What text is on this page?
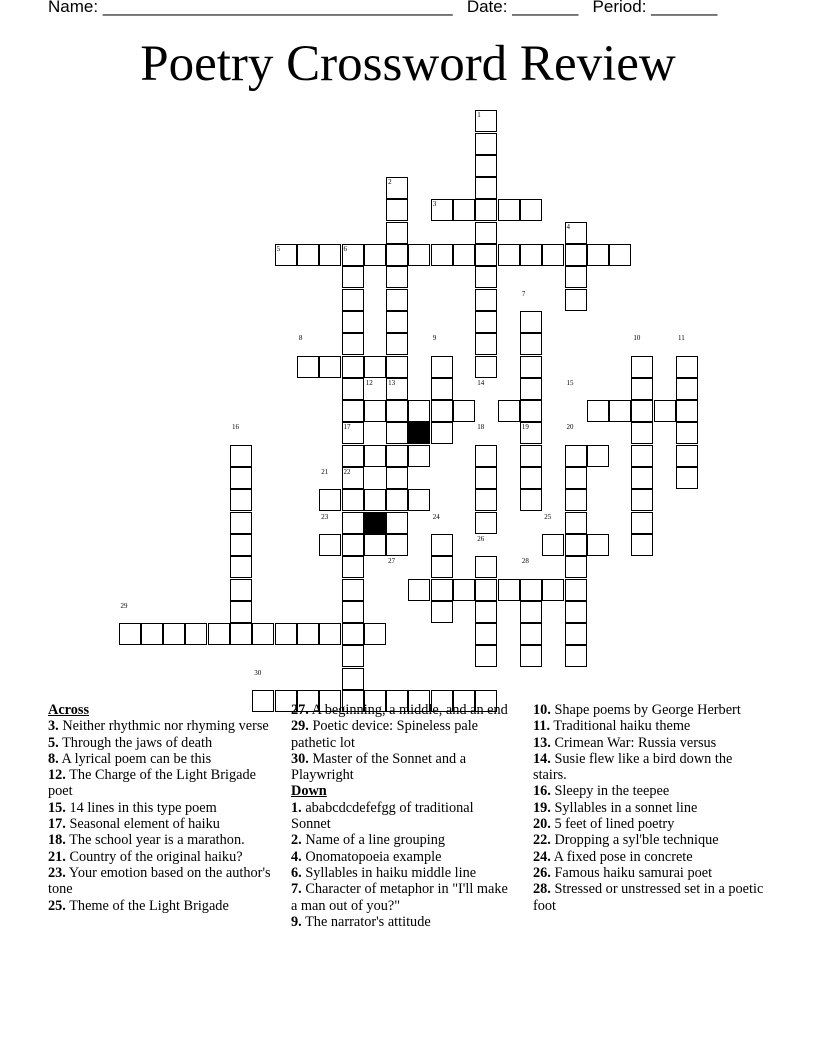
Name: _____________________________________ Date: _______ Period: _______
Poetry Crossword Review
1
2
3
4
5	6
7
8	9	10	11
12 13	14	15
16	17	18	19	20
21 22
23	24	25
26
27	28
29
30
Across
3. Neither rhythmic nor rhyming verse
5. Through the jaws of death
8. A lyrical poem can be this
12. The Charge of the Light Brigade poet
15. 14 lines in this type poem
17. Seasonal element of haiku
18. The school year is a marathon.
21. Country of the original haiku?
23. Your emotion based on the author's tone
25. Theme of the Light Brigade
27. A beginning, a middle, and an end
29. Poetic device: Spineless pale pathetic lot
30. Master of the Sonnet and a Playwright
Down
1. ababcdcdefefgg of traditional Sonnet
2. Name of a line grouping
4. Onomatopoeia example
6. Syllables in haiku middle line
7. Character of metaphor in "I'll make a man out of you?"
9. The narrator's attitude
10. Shape poems by George Herbert
11. Traditional haiku theme
13. Crimean War: Russia versus
14. Susie flew like a bird down the stairs.
16. Sleepy in the teepee
19. Syllables in a sonnet line
20. 5 feet of lined poetry
22. Dropping a syl'ble technique
24. A fixed pose in concrete
26. Famous haiku samurai poet
28. Stressed or unstressed set in a poetic foot
